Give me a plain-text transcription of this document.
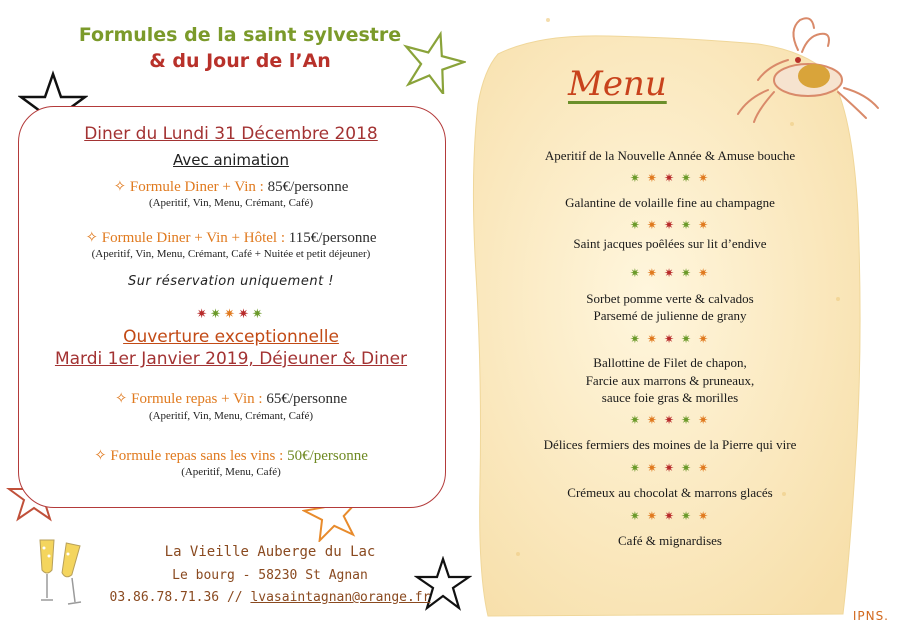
Formules de la saint sylvestre
& du Jour de l’An
Diner du Lundi 31 Décembre 2018
Avec animation
✧ Formule Diner + Vin : 85€/personne
(Aperitif, Vin, Menu, Crémant, Café)
✧ Formule Diner + Vin + Hôtel : 115€/personne
(Aperitif, Vin, Menu, Crémant, Café + Nuitée et petit déjeuner)
Sur réservation uniquement !
✷✷✷✷✷
Ouverture exceptionnelle
Mardi 1er Janvier 2019, Déjeuner & Diner
✧ Formule repas + Vin : 65€/personne
(Aperitif, Vin, Menu, Crémant, Café)
✧ Formule repas sans les vins : 50€/personne
(Aperitif, Menu, Café)
La Vieille Auberge du Lac
Le bourg - 58230 St Agnan
03.86.78.71.36 // lvasaintagnan@orange.fr
Menu
Aperitif de la Nouvelle Année & Amuse bouche
✷ ✷ ✷ ✷ ✷
Galantine de volaille fine au champagne
✷ ✷ ✷ ✷ ✷
Saint jacques poêlées sur lit d’endive
✷ ✷ ✷ ✷ ✷
Sorbet pomme verte & calvados
Parsemé de julienne de grany
✷ ✷ ✷ ✷ ✷
Ballottine de Filet de chapon,
Farcie aux marrons & pruneaux,
sauce foie gras & morilles
✷ ✷ ✷ ✷ ✷
Délices fermiers des moines de la Pierre qui vire
✷ ✷ ✷ ✷ ✷
Crémeux au chocolat & marrons glacés
✷ ✷ ✷ ✷ ✷
Café & mignardises
IPNS.
